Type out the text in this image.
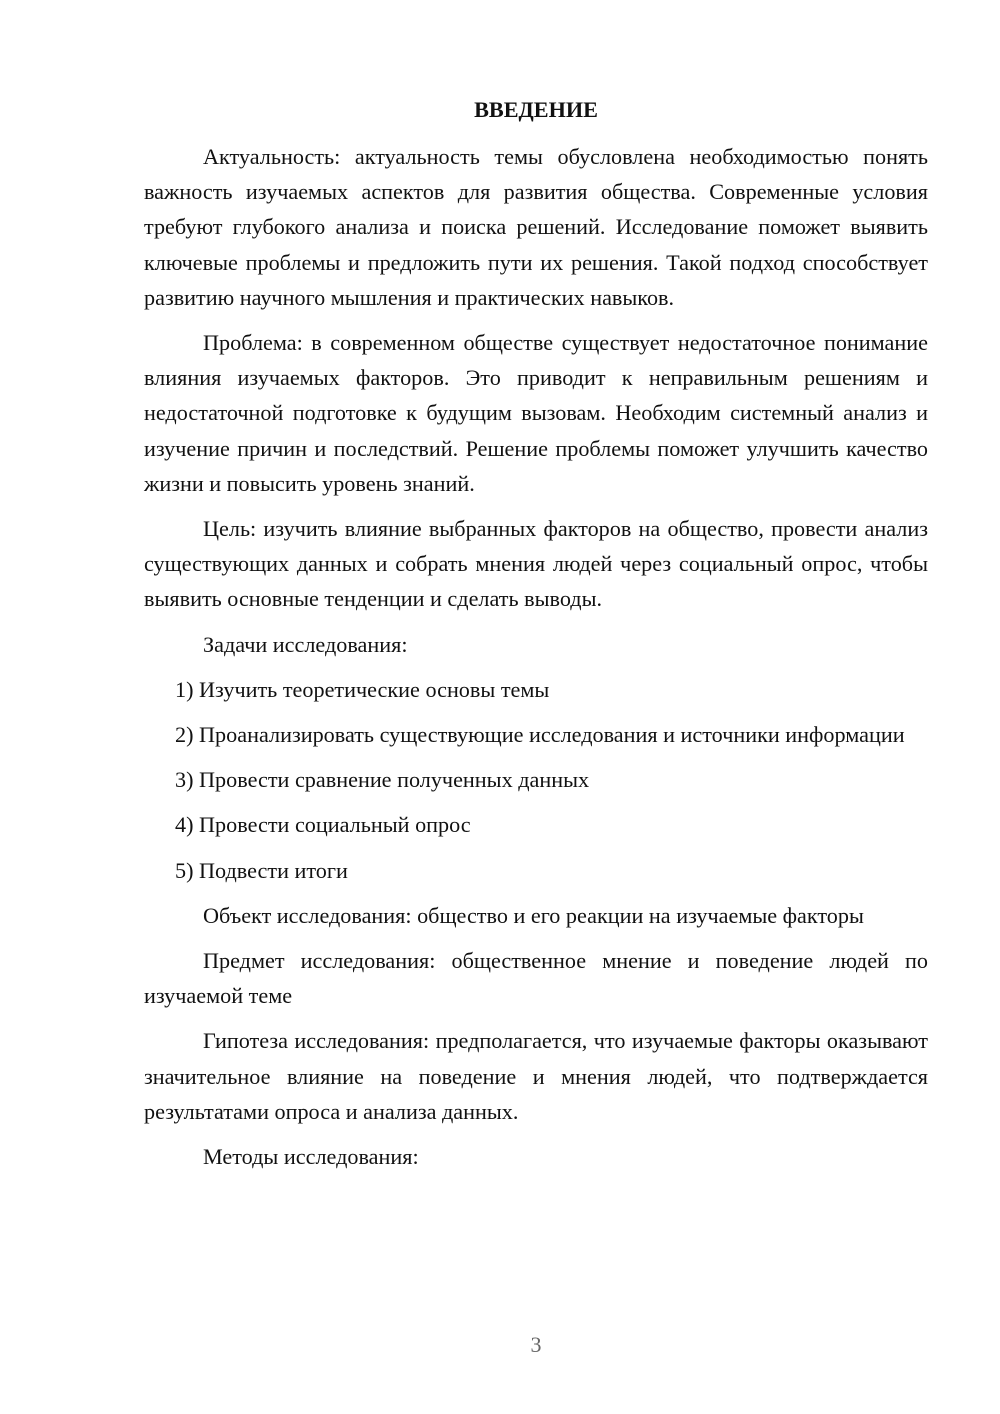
ВВЕДЕНИЕ

Актуальность: актуальность темы обусловлена необходимостью понять важность изучаемых аспектов для развития общества. Современные условия требуют глубокого анализа и поиска решений. Исследование поможет выявить ключевые проблемы и предложить пути их решения. Такой подход способствует развитию научного мышления и практических навыков.

Проблема: в современном обществе существует недостаточное понимание влияния изучаемых факторов. Это приводит к неправильным решениям и недостаточной подготовке к будущим вызовам. Необходим системный анализ и изучение причин и последствий. Решение проблемы поможет улучшить качество жизни и повысить уровень знаний.

Цель: изучить влияние выбранных факторов на общество, провести анализ существующих данных и собрать мнения людей через социальный опрос, чтобы выявить основные тенденции и сделать выводы.

Задачи исследования:

1) Изучить теоретические основы темы
2) Проанализировать существующие исследования и источники информации
3) Провести сравнение полученных данных
4) Провести социальный опрос
5) Подвести итоги

Объект исследования: общество и его реакции на изучаемые факторы

Предмет исследования: общественное мнение и поведение людей по изучаемой теме

Гипотеза исследования: предполагается, что изучаемые факторы оказывают значительное влияние на поведение и мнения людей, что подтверждается результатами опроса и анализа данных.

Методы исследования:

3
